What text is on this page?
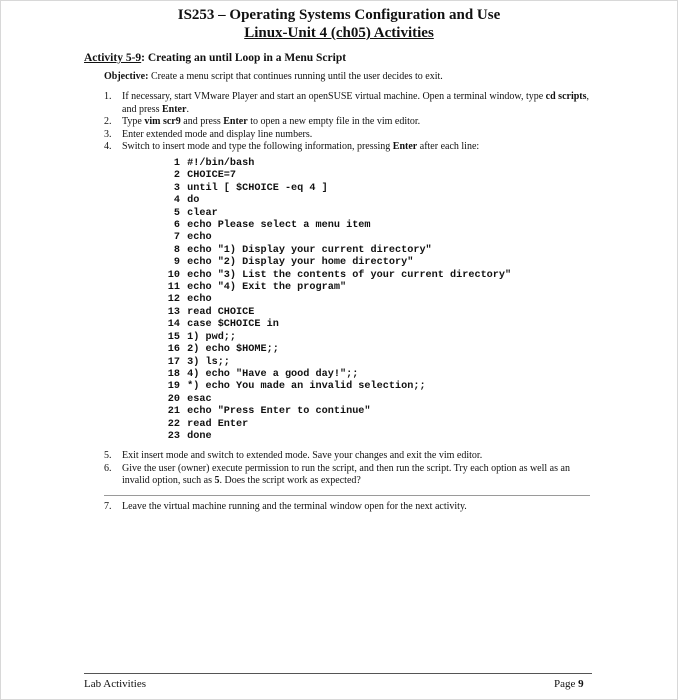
IS253 – Operating Systems Configuration and Use
Linux-Unit 4 (ch05) Activities
Activity 5-9: Creating an until Loop in a Menu Script
Objective: Create a menu script that continues running until the user decides to exit.
1. If necessary, start VMware Player and start an openSUSE virtual machine. Open a terminal window, type cd scripts, and press Enter.
2. Type vim scr9 and press Enter to open a new empty file in the vim editor.
3. Enter extended mode and display line numbers.
4. Switch to insert mode and type the following information, pressing Enter after each line:
1 #!/bin/bash
2 CHOICE=7
3 until [ $CHOICE -eq 4 ]
4 do
5 clear
6 echo Please select a menu item
7 echo
8 echo "1) Display your current directory"
9 echo "2) Display your home directory"
10 echo "3) List the contents of your current directory"
11 echo "4) Exit the program"
12 echo
13 read CHOICE
14 case $CHOICE in
15 1) pwd;;
16 2) echo $HOME;;
17 3) ls;;
18 4) echo "Have a good day!";;
19 *) echo You made an invalid selection;;
20 esac
21 echo "Press Enter to continue"
22 read Enter
23 done
5. Exit insert mode and switch to extended mode. Save your changes and exit the vim editor.
6. Give the user (owner) execute permission to run the script, and then run the script. Try each option as well as an invalid option, such as 5. Does the script work as expected?
7. Leave the virtual machine running and the terminal window open for the next activity.
Lab Activities	Page 9
